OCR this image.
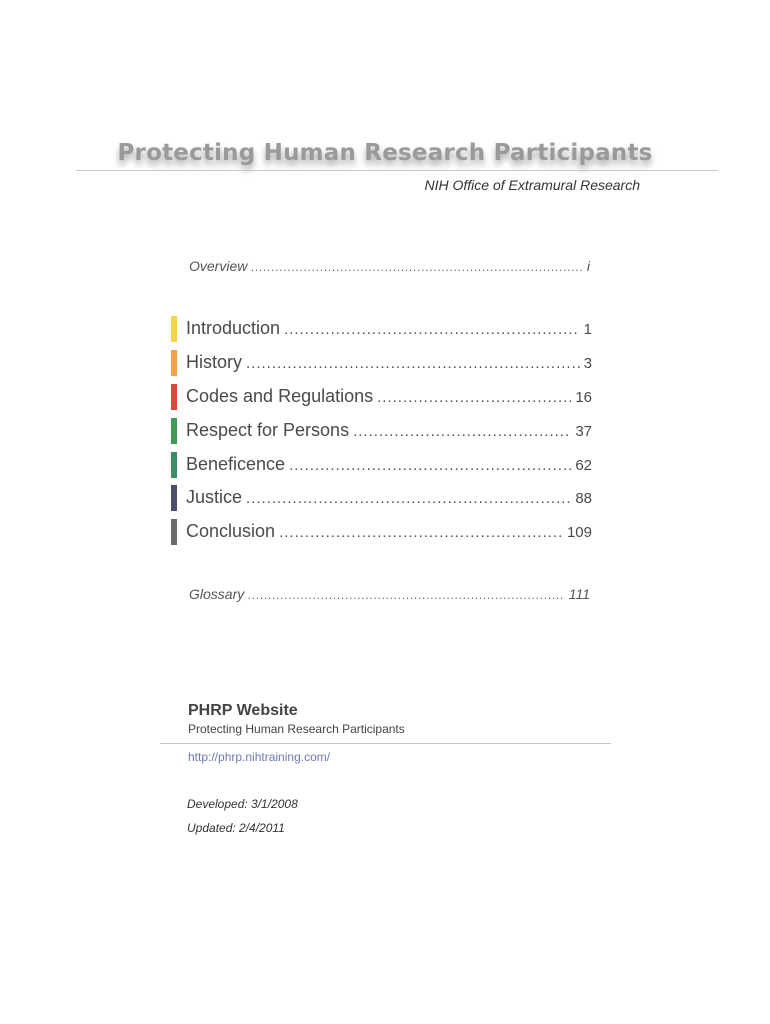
Protecting Human Research Participants
NIH Office of Extramural Research
Overview .....	i
Introduction .....	1
History .....	3
Codes and Regulations .....	16
Respect for Persons .....	37
Beneficence .....	62
Justice .....	88
Conclusion .....	109
Glossary .....	111
PHRP Website
Protecting Human Research Participants
http://phrp.nihtraining.com/
Developed: 3/1/2008
Updated: 2/4/2011
